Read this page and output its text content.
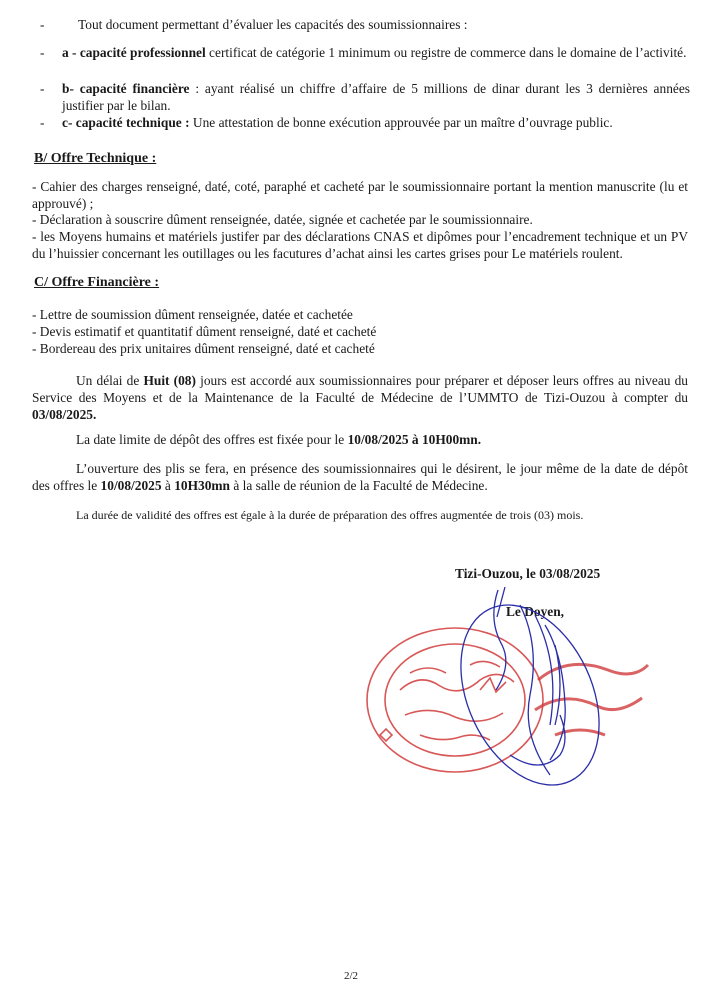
-	Tout document permettant d’évaluer les capacités des soumissionnaires :
- a - capacité professionnel certificat de catégorie 1 minimum ou registre de commerce dans le domaine de l’activité.
- b- capacité financière : ayant réalisé un chiffre d’affaire de 5 millions de dinar durant les 3 dernières années justifier par le bilan.
- c- capacité technique : Une attestation de bonne exécution approuvée par un maître d’ouvrage public.
B/ Offre Technique :
- Cahier des charges renseigné, daté, coté, paraphé et cacheté par le soumissionnaire portant la mention manuscrite (lu et approuvé) ;
- Déclaration à souscrire dûment renseignée, datée, signée et cachetée par le soumissionnaire.
- les Moyens humains et matériels justifer par des déclarations CNAS et dipômes pour l’encadrement technique et un PV du l’huissier concernant les outillages ou les facutures d’achat ainsi les cartes grises pour Le matériels roulent.
C/ Offre Financière :
- Lettre de soumission dûment renseignée, datée et cachetée
- Devis estimatif et quantitatif dûment renseigné, daté et cacheté
- Bordereau des prix unitaires dûment renseigné, daté et cacheté
Un délai de Huit (08) jours est accordé aux soumissionnaires pour préparer et déposer leurs offres au niveau du Service des Moyens et de la Maintenance de la Faculté de Médecine de l’UMMTO de Tizi-Ouzou à compter du 03/08/2025.
La date limite de dépôt des offres est fixée pour le 10/08/2025 à 10H00mn.
L’ouverture des plis se fera, en présence des soumissionnaires qui le désirent, le jour même de la date de dépôt des offres le 10/08/2025 à 10H30mn à la salle de réunion de la Faculté de Médecine.
La durée de validité des offres est égale à la durée de préparation des offres augmentée de trois (03) mois.
Tizi-Ouzou, le 03/08/2025
Le Doyen,
2/2
